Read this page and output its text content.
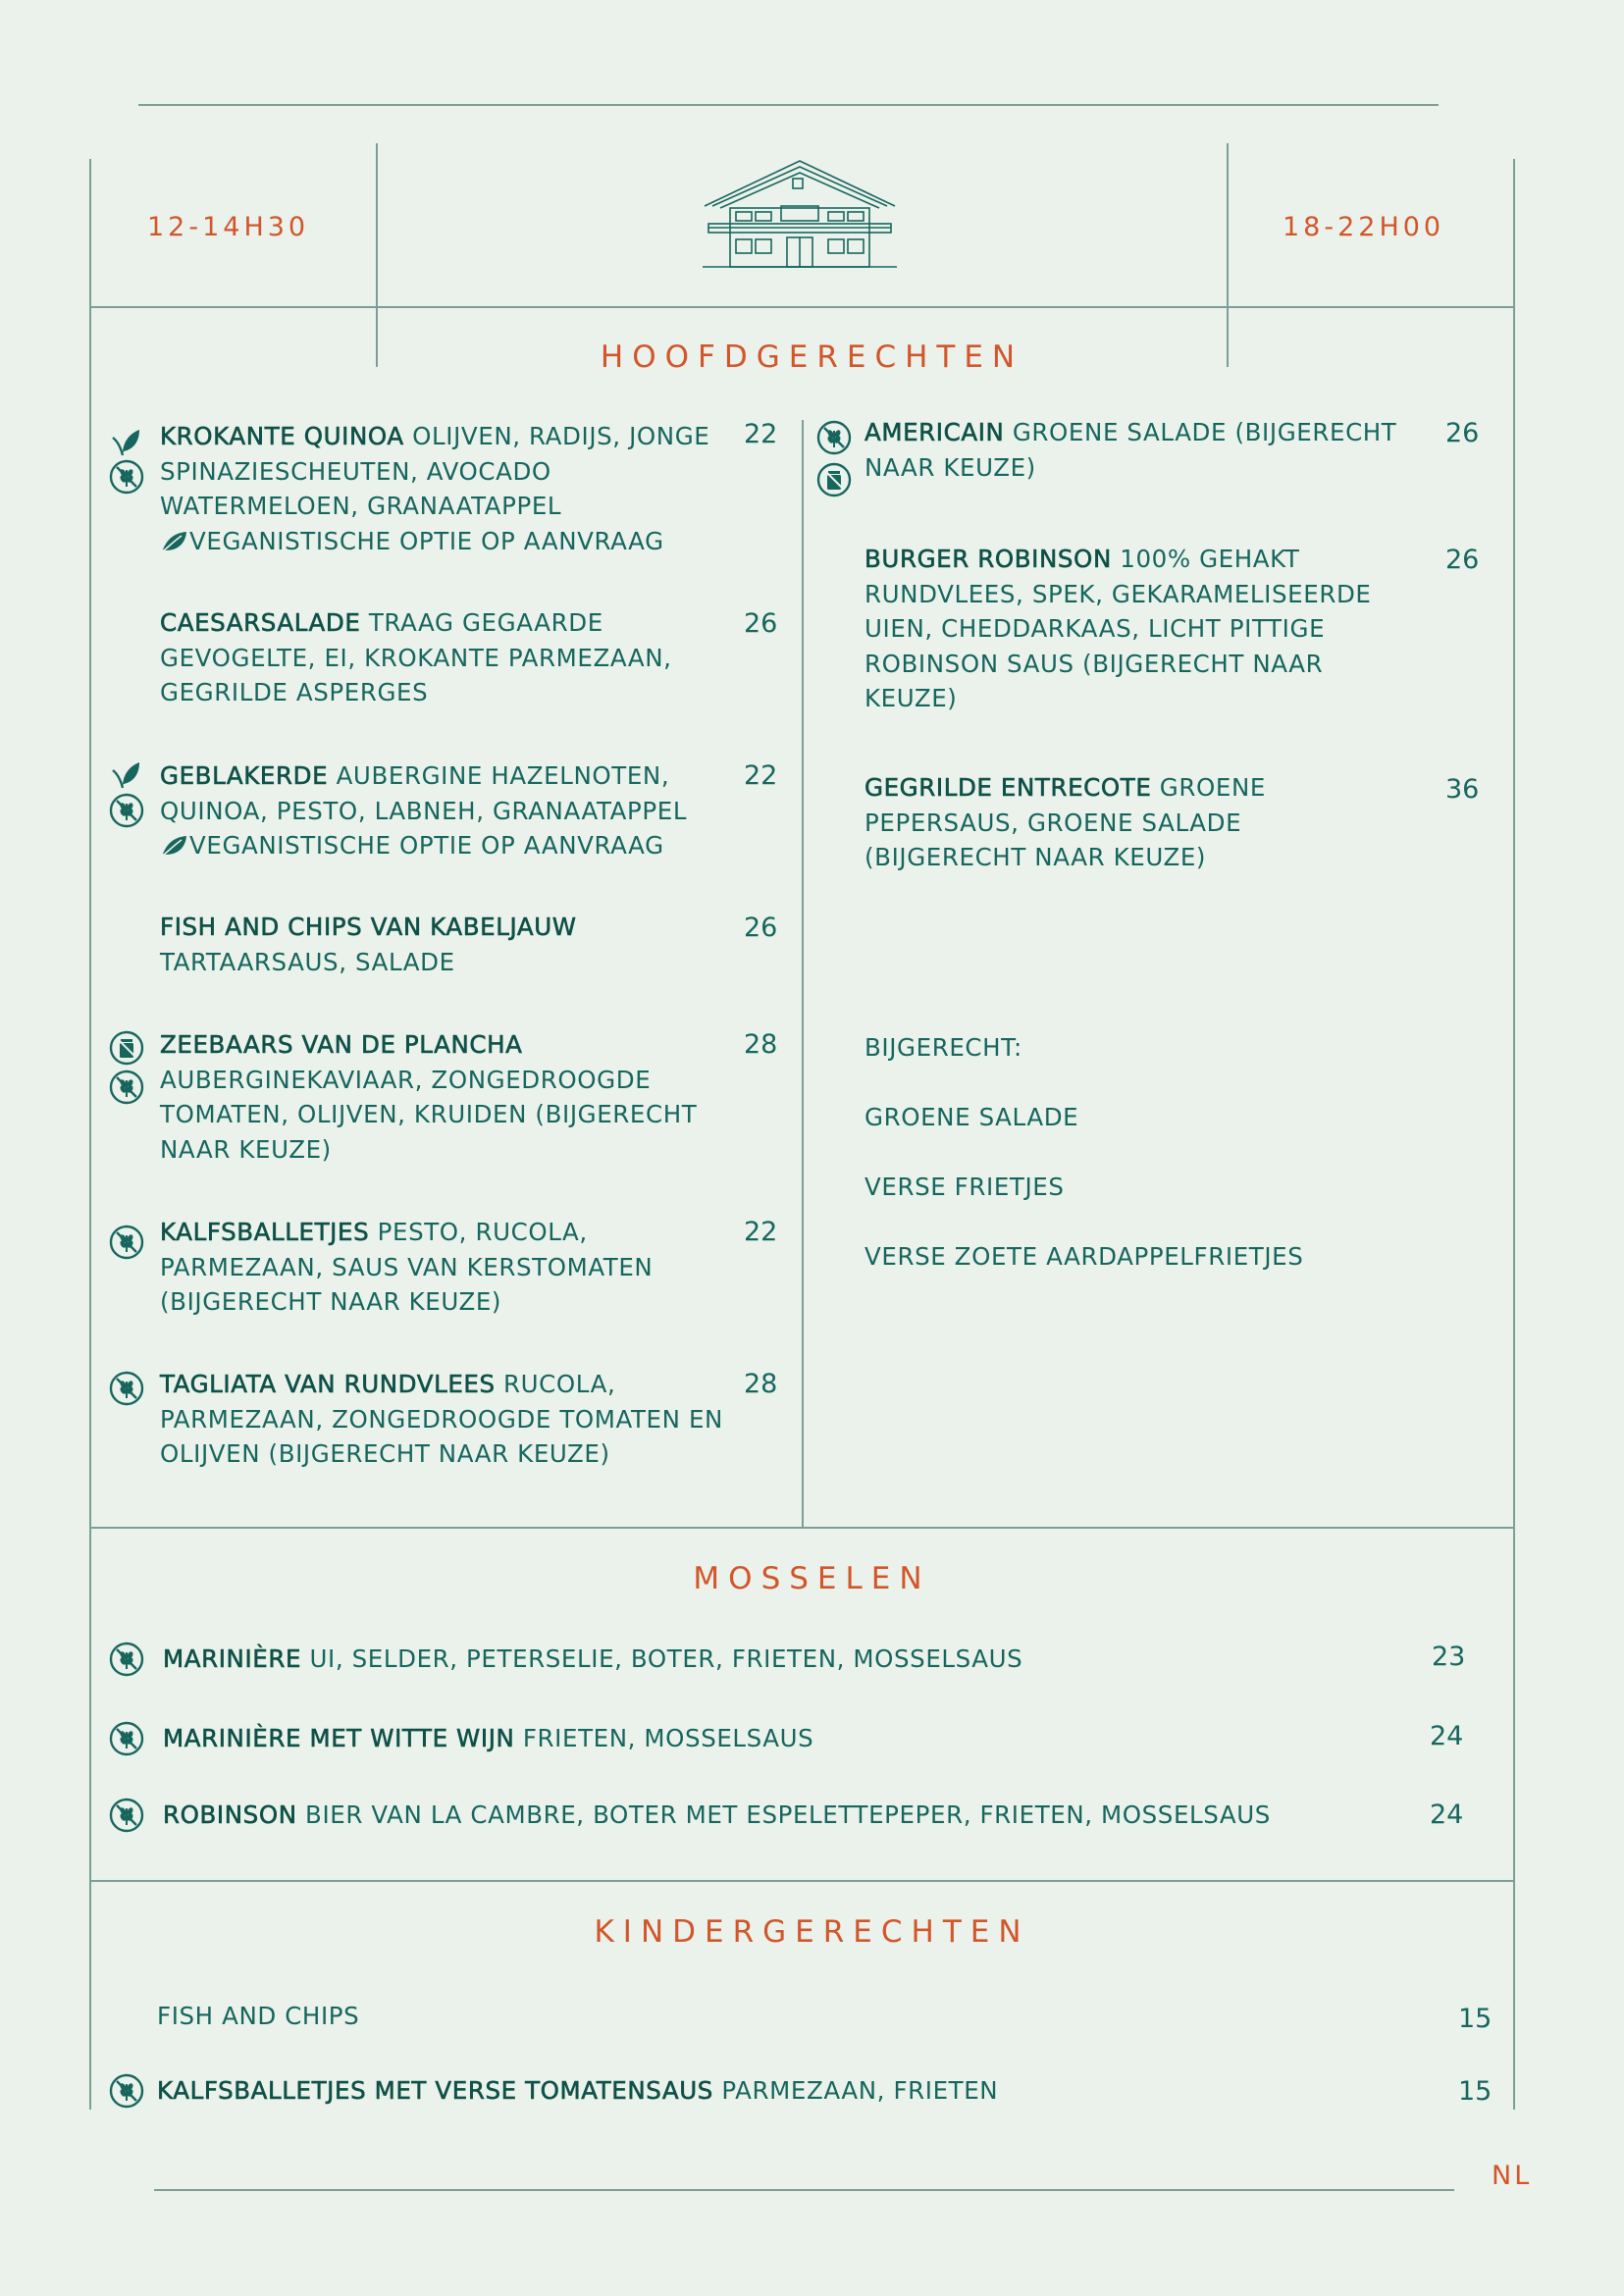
12-14H30	18-22H00
HOOFDGERECHTEN
KROKANTE QUINOA OLIJVEN, RADIJS, JONGE SPINAZIESCHEUTEN, AVOCADO WATERMELOEN, GRANAATAPPEL
VEGANISTISCHE OPTIE OP AANVRAAG
22
CAESARSALADE TRAAG GEGAARDE GEVOGELTE, EI, KROKANTE PARMEZAAN, GEGRILDE ASPERGES
26
GEBLAKERDE AUBERGINE HAZELNOTEN, QUINOA, PESTO, LABNEH, GRANAATAPPEL
VEGANISTISCHE OPTIE OP AANVRAAG
22
FISH AND CHIPS VAN KABELJAUW
TARTAARSAUS, SALADE
26
ZEEBAARS VAN DE PLANCHA
AUBERGINEKAVIAAR, ZONGEDROOGDE TOMATEN, OLIJVEN, KRUIDEN (BIJGERECHT NAAR KEUZE)
28
KALFSBALLETJES PESTO, RUCOLA, PARMEZAAN, SAUS VAN KERSTOMATEN (BIJGERECHT NAAR KEUZE)
22
TAGLIATA VAN RUNDVLEES RUCOLA, PARMEZAAN, ZONGEDROOGDE TOMATEN EN OLIJVEN (BIJGERECHT NAAR KEUZE)
28
AMERICAIN GROENE SALADE (BIJGERECHT NAAR KEUZE)
26
BURGER ROBINSON 100% GEHAKT RUNDVLEES, SPEK, GEKARAMELISEERDE UIEN, CHEDDARKAAS, LICHT PITTIGE ROBINSON SAUS (BIJGERECHT NAAR KEUZE)
26
GEGRILDE ENTRECOTE GROENE PEPERSAUS, GROENE SALADE (BIJGERECHT NAAR KEUZE)
36
BIJGERECHT:
GROENE SALADE
VERSE FRIETJES
VERSE ZOETE AARDAPPELFRIETJES
MOSSELEN
MARINIÈRE UI, SELDER, PETERSELIE, BOTER, FRIETEN, MOSSELSAUS	23
MARINIÈRE MET WITTE WIJN FRIETEN, MOSSELSAUS	24
ROBINSON BIER VAN LA CAMBRE, BOTER MET ESPELETTEPEPER, FRIETEN, MOSSELSAUS	24
KINDERGERECHTEN
FISH AND CHIPS	15
KALFSBALLETJES MET VERSE TOMATENSAUS PARMEZAAN, FRIETEN	15
NL
